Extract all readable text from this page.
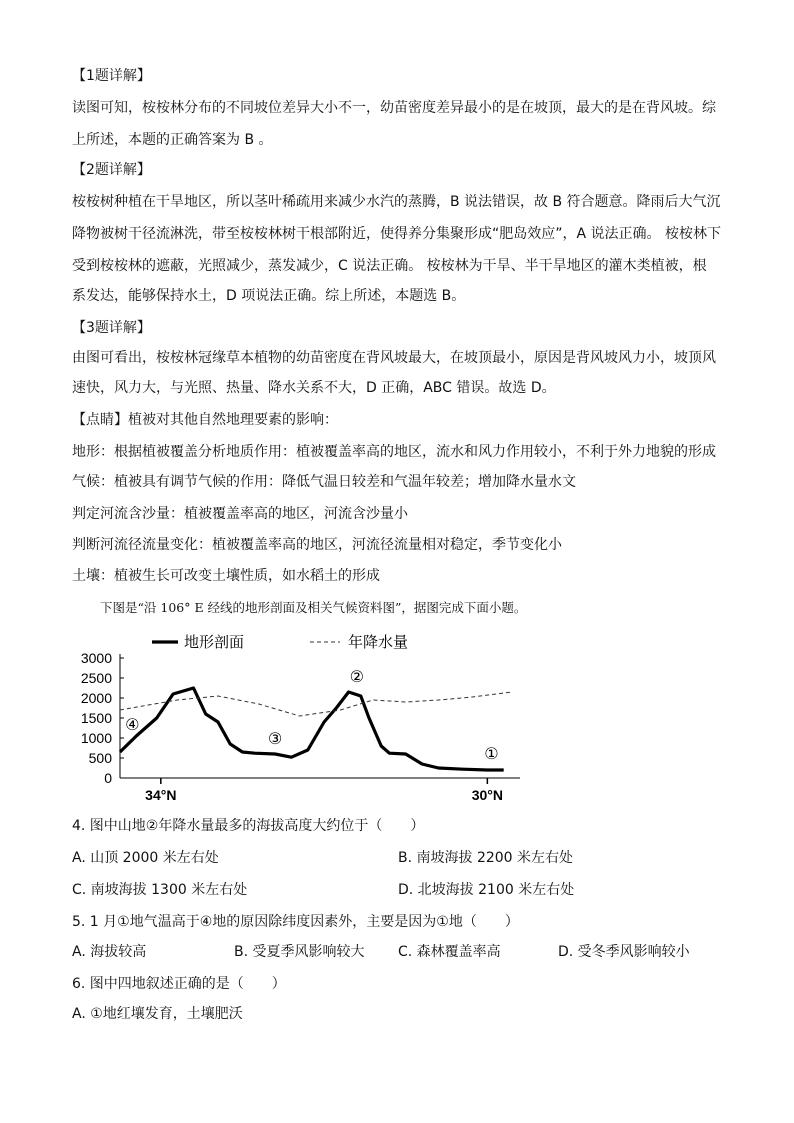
【1题详解】
读图可知，桉桉林分布的不同坡位差异大小不一，幼苗密度差异最小的是在坡顶，最大的是在背风坡。综
上所述，本题的正确答案为 B 。
【2题详解】
桉桉树种植在干旱地区，所以茎叶稀疏用来减少水汽的蒸腾，B 说法错误，故 B 符合题意。降雨后大气沉
降物被树干径流淋洗，带至桉桉林树干根部附近，使得养分集聚形成“肥岛效应”，A 说法正确。 桉桉林下
受到桉桉林的遮蔽，光照减少，蒸发减少，C 说法正确。 桉桉林为干旱、半干旱地区的灌木类植被，根
系发达，能够保持水土，D 项说法正确。综上所述，本题选 B。
【3题详解】
由图可看出，桉桉林冠缘草本植物的幼苗密度在背风坡最大，在坡顶最小，原因是背风坡风力小，坡顶风
速快，风力大，与光照、热量、降水关系不大，D 正确，ABC 错误。故选 D。
【点睛】植被对其他自然地理要素的影响：
地形：根据植被覆盖分析地质作用：植被覆盖率高的地区，流水和风力作用较小，不利于外力地貌的形成
气候：植被具有调节气候的作用：降低气温日较差和气温年较差；增加降水量水文
判定河流含沙量：植被覆盖率高的地区，河流含沙量小
判断河流径流量变化：植被覆盖率高的地区，河流径流量相对稳定，季节变化小
土壤：植被生长可改变土壤性质，如水稻土的形成
下图是“沿 106° E 经线的地形剖面及相关气候资料图”，据图完成下面小题。
3000
2500
2000
1500
1000
500
0
34°N	30°N
④
③
②
①
地形剖面	年降水量
4. 图中山地②年降水量最多的海拔高度大约位于（　　）
A. 山顶 2000 米左右处	B. 南坡海拔 2200 米左右处
C. 南坡海拔 1300 米左右处	D. 北坡海拔 2100 米左右处
5. 1 月①地气温高于④地的原因除纬度因素外，主要是因为①地（　　）
A. 海拔较高	B. 受夏季风影响较大 C. 森林覆盖率高	D. 受冬季风影响较小
6. 图中四地叙述正确的是（　　）
A. ①地红壤发育，土壤肥沃
